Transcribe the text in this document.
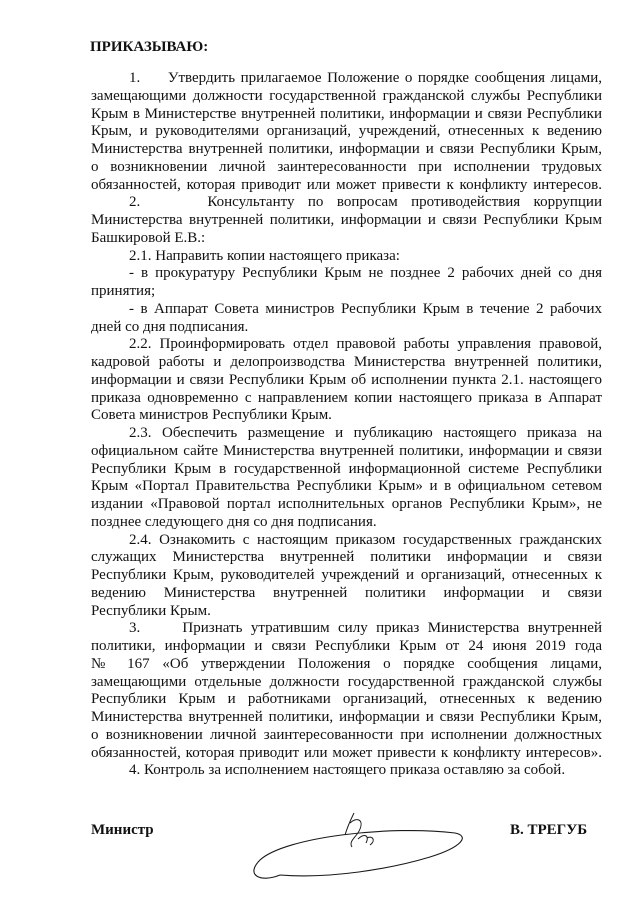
ПРИКАЗЫВАЮ:
1.     Утвердить прилагаемое Положение о порядке сообщения лицами,
замещающими должности государственной гражданской службы Республики
Крым в Министерстве внутренней политики, информации и связи Республики
Крым, и руководителями организаций, учреждений, отнесенных к ведению
Министерства внутренней политики, информации и связи Республики Крым,
о возникновении личной заинтересованности при исполнении трудовых
обязанностей, которая приводит или может привести к конфликту интересов.
2.     Консультанту по вопросам противодействия коррупции
Министерства внутренней политики, информации и связи Республики Крым
Башкировой Е.В.:
2.1. Направить копии настоящего приказа:
- в прокуратуру Республики Крым не позднее 2 рабочих дней со дня
принятия;
- в Аппарат Совета министров Республики Крым в течение 2 рабочих
дней со дня подписания.
2.2. Проинформировать отдел правовой работы управления правовой,
кадровой работы и делопроизводства Министерства внутренней политики,
информации и связи Республики Крым об исполнении пункта 2.1. настоящего
приказа одновременно с направлением копии настоящего приказа в Аппарат
Совета министров Республики Крым.
2.3. Обеспечить размещение и публикацию настоящего приказа на
официальном сайте Министерства внутренней политики, информации и связи
Республики Крым в государственной информационной системе Республики
Крым «Портал Правительства Республики Крым» и в официальном сетевом
издании «Правовой портал исполнительных органов Республики Крым», не
позднее следующего дня со дня подписания.
2.4. Ознакомить с настоящим приказом государственных гражданских
служащих Министерства внутренней политики информации и связи
Республики Крым, руководителей учреждений и организаций, отнесенных к
ведению Министерства внутренней политики информации и связи
Республики Крым.
3.     Признать утратившим силу приказ Министерства внутренней
политики, информации и связи Республики Крым от 24 июня 2019 года
№ 167 «Об утверждении Положения о порядке сообщения лицами,
замещающими отдельные должности государственной гражданской службы
Республики Крым и работниками организаций, отнесенных к ведению
Министерства внутренней политики, информации и связи Республики Крым,
о возникновении личной заинтересованности при исполнении должностных
обязанностей, которая приводит или может привести к конфликту интересов».
4. Контроль за исполнением настоящего приказа оставляю за собой.
Министр	В. ТРЕГУБ
